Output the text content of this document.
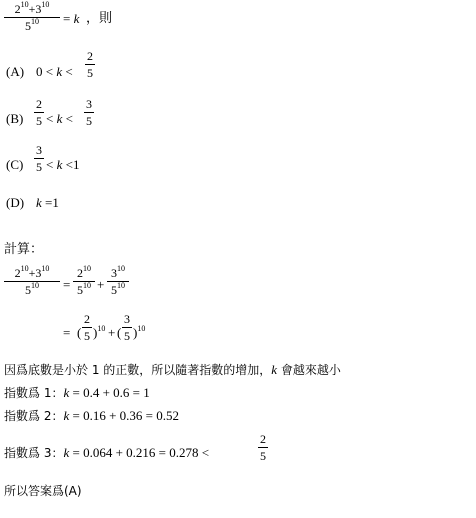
$2^{10}+3^{10}$
$5^{10}$	= k ，則
(A) 0 < k <
2
5
(B)
2
5 < k <
3
5
(C)
3
5 < k <1
(D) k =1
計算：
$2^{10}+3^{10}$
$5^{10}$	=
$2^{10}$
$5^{10}$ +
$3^{10}$
$5^{10}$
= (
2
5 )$^{10}$ + (
3
5 )$^{10}$
因爲底數是小於 1 的正數，所以隨著指數的增加，k 會越來越小
指數爲 1：k = 0.4 + 0.6 = 1
指數爲 2：k = 0.16 + 0.36 = 0.52
指數爲 3：k = 0.064 + 0.216 = 0.278 <
2
5
所以答案爲(A)
